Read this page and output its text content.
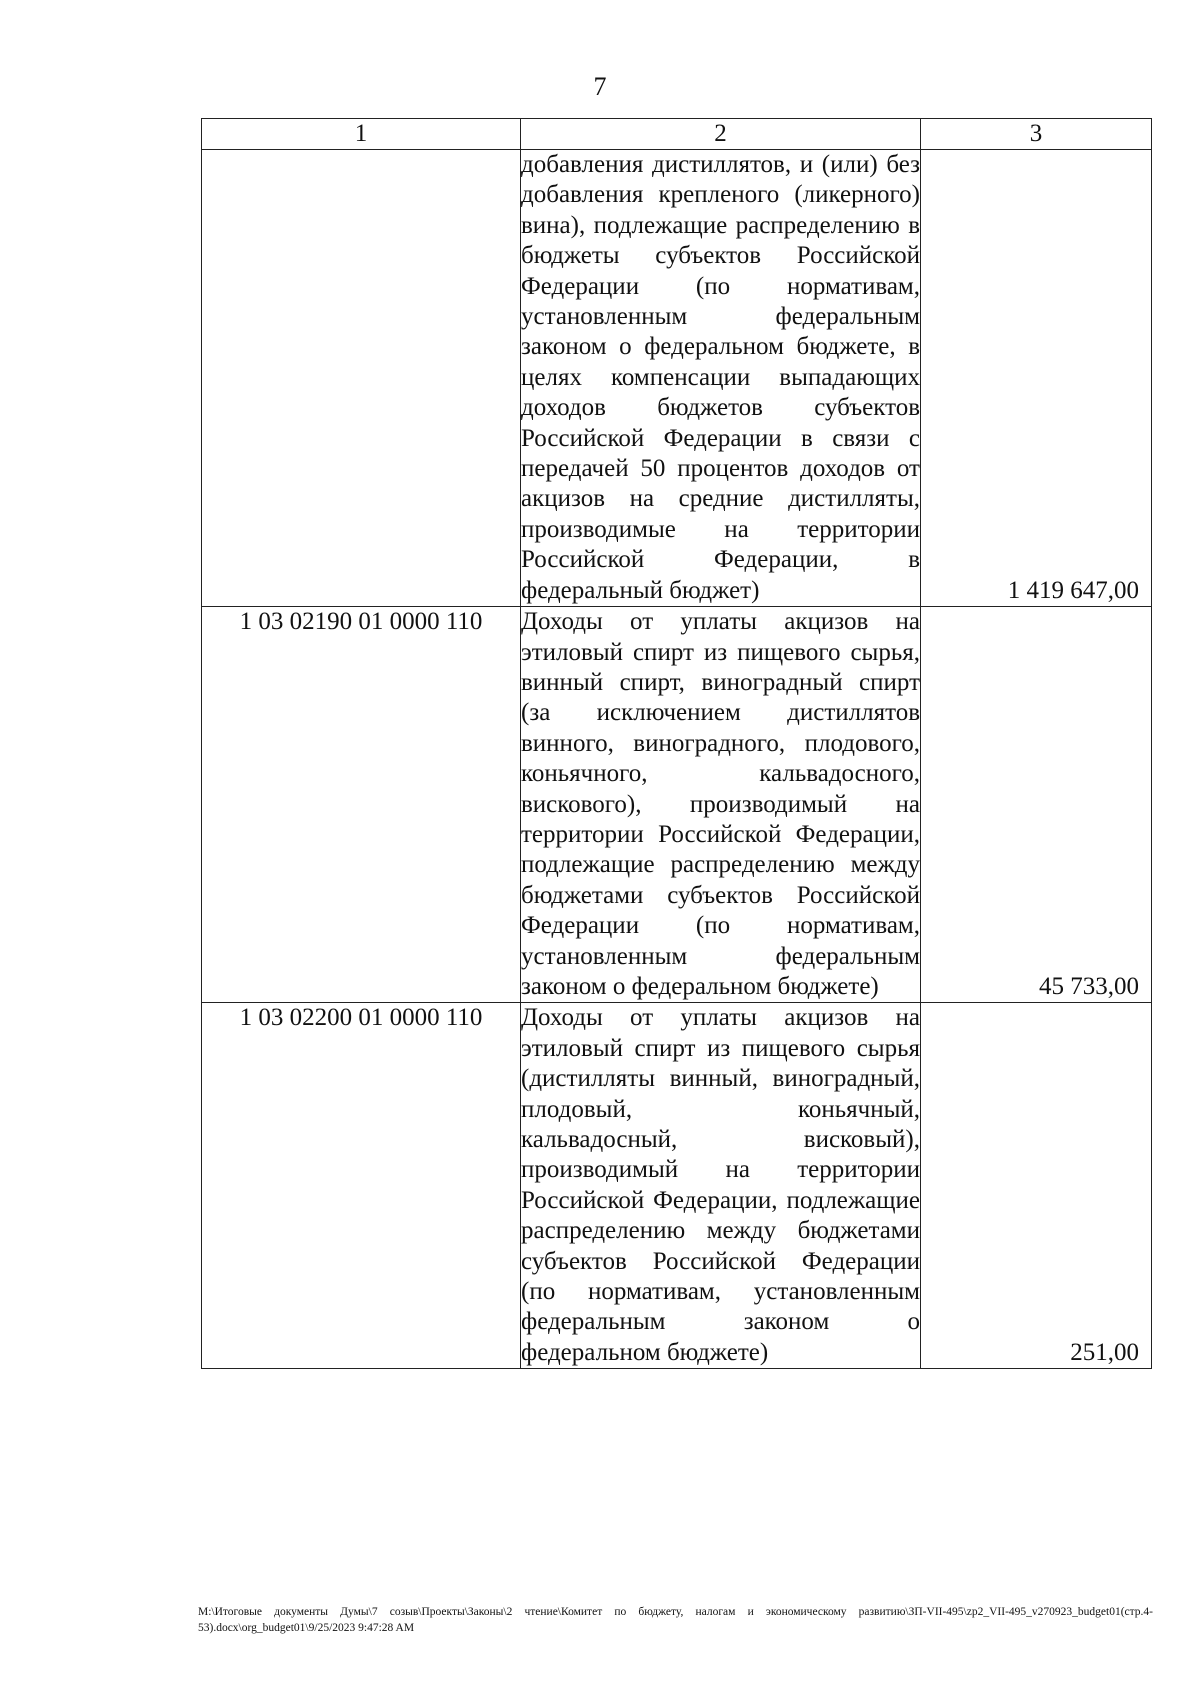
7
1	2	3

	добавления дистиллятов, и (или) без добавления крепленого (ликерного) вина), подлежащие распределению в бюджеты субъектов Российской Федерации (по нормативам, установленным федеральным законом о федеральном бюджете, в целях компенсации выпадающих доходов бюджетов субъектов Российской Федерации в связи с передачей 50 процентов доходов от акцизов на средние дистилляты, производимые на территории Российской Федерации, в федеральный бюджет)	1 419 647,00

1 03 02190 01 0000 110	Доходы от уплаты акцизов на этиловый спирт из пищевого сырья, винный спирт, виноградный спирт (за исключением дистиллятов винного, виноградного, плодового, коньячного, кальвадосного, вискового), производимый на территории Российской Федерации, подлежащие распределению между бюджетами субъектов Российской Федерации (по нормативам, установленным федеральным законом о федеральном бюджете)	45 733,00

1 03 02200 01 0000 110	Доходы от уплаты акцизов на этиловый спирт из пищевого сырья (дистилляты винный, виноградный, плодовый, коньячный, кальвадосный, висковый), производимый на территории Российской Федерации, подлежащие распределению между бюджетами субъектов Российской Федерации (по нормативам, установленным федеральным законом о федеральном бюджете)	251,00
M:\Итоговые документы Думы\7 созыв\Проекты\Законы\2 чтение\Комитет по бюджету, налогам и экономическому развитию\ЗП-VII-495\zp2_VII-495_v270923_budget01(стр.4-53).docx\org_budget01\9/25/2023 9:47:28 AM
